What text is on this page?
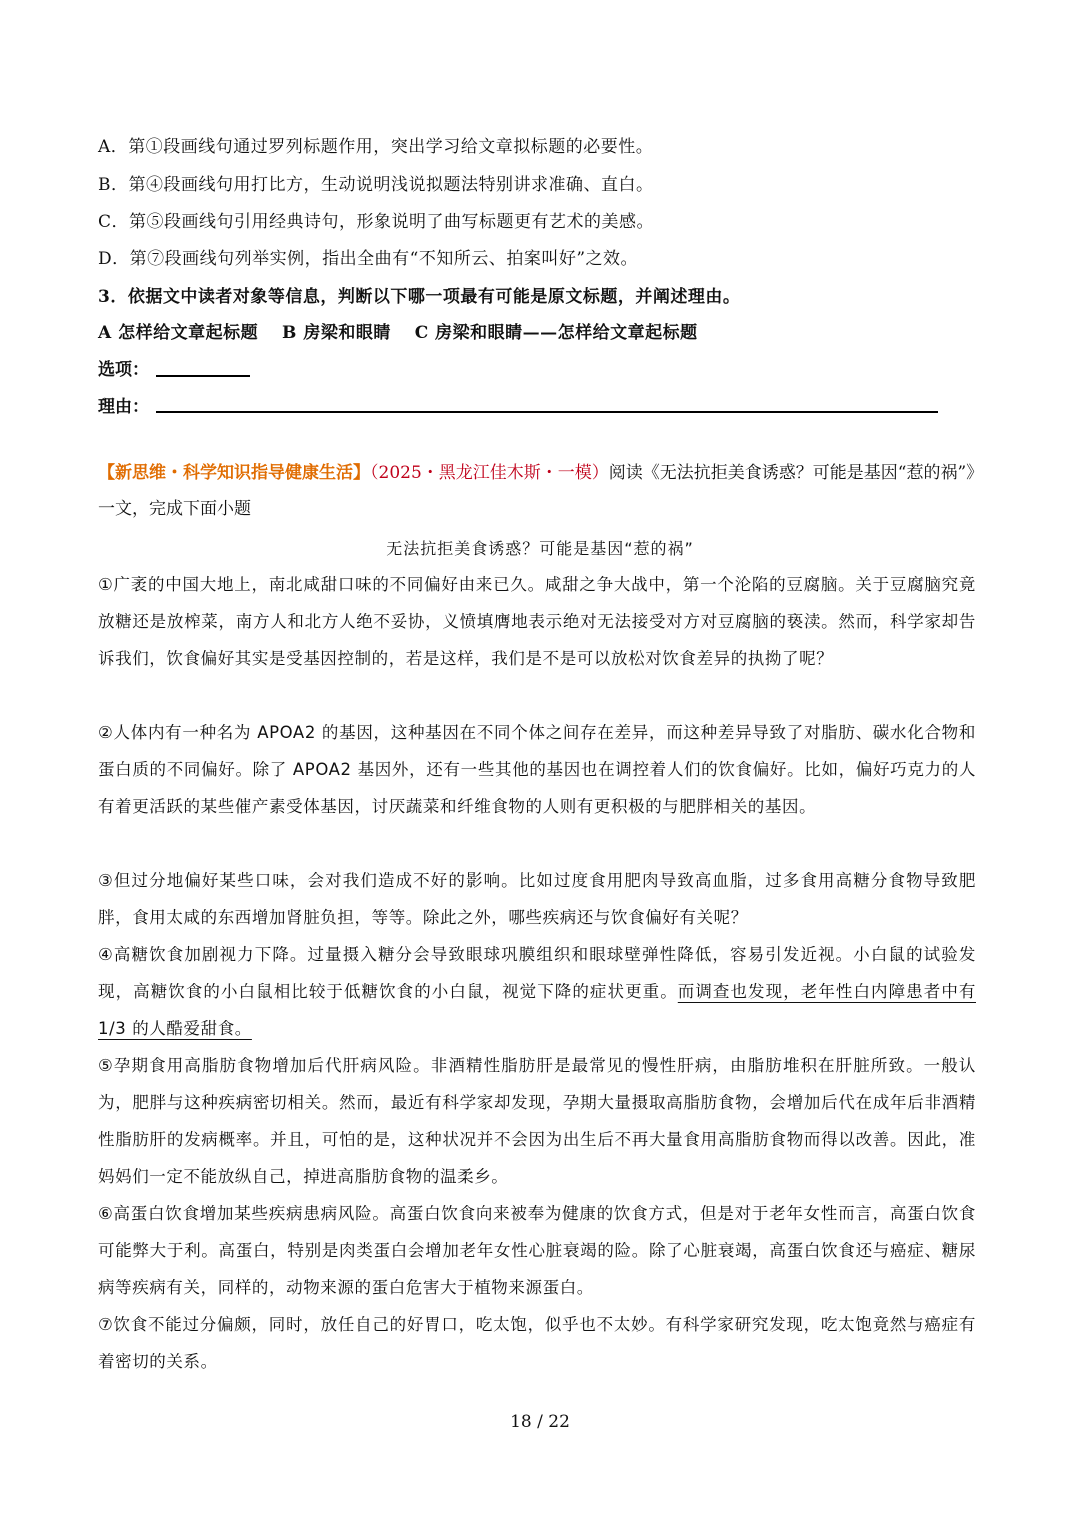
A．第①段画线句通过罗列标题作用，突出学习给文章拟标题的必要性。
B．第④段画线句用打比方，生动说明浅说拟题法特别讲求准确、直白。
C．第⑤段画线句引用经典诗句，形象说明了曲写标题更有艺术的美感。
D．第⑦段画线句列举实例，指出全曲有“不知所云、拍案叫好”之效。
3．依据文中读者对象等信息，判断以下哪一项最有可能是原文标题，并阐述理由。
A 怎样给文章起标题　 B 房梁和眼睛　 C 房梁和眼睛——怎样给文章起标题
选项：
理由：
【新思维・科学知识指导健康生活】（2025・黑龙江佳木斯・一模）阅读《无法抗拒美食诱惑？可能是基因“惹的祸”》一文，完成下面小题
无法抗拒美食诱惑？可能是基因“惹的祸”
①广袤的中国大地上，南北咸甜口味的不同偏好由来已久。咸甜之争大战中，第一个沦陷的豆腐脑。关于豆腐脑究竟放糖还是放榨菜，南方人和北方人绝不妥协，义愤填膺地表示绝对无法接受对方对豆腐脑的亵渎。然而，科学家却告诉我们，饮食偏好其实是受基因控制的，若是这样，我们是不是可以放松对饮食差异的执拗了呢？
②人体内有一种名为 APOA2 的基因，这种基因在不同个体之间存在差异，而这种差异导致了对脂肪、碳水化合物和蛋白质的不同偏好。除了 APOA2 基因外，还有一些其他的基因也在调控着人们的饮食偏好。比如，偏好巧克力的人有着更活跃的某些催产素受体基因，讨厌蔬菜和纤维食物的人则有更积极的与肥胖相关的基因。
③但过分地偏好某些口味，会对我们造成不好的影响。比如过度食用肥肉导致高血脂，过多食用高糖分食物导致肥胖，食用太咸的东西增加肾脏负担，等等。除此之外，哪些疾病还与饮食偏好有关呢？
④高糖饮食加剧视力下降。过量摄入糖分会导致眼球巩膜组织和眼球壁弹性降低，容易引发近视。小白鼠的试验发现，高糖饮食的小白鼠相比较于低糖饮食的小白鼠，视觉下降的症状更重。而调查也发现，老年性白内障患者中有 1/3 的人酷爱甜食。
⑤孕期食用高脂肪食物增加后代肝病风险。非酒精性脂肪肝是最常见的慢性肝病，由脂肪堆积在肝脏所致。一般认为，肥胖与这种疾病密切相关。然而，最近有科学家却发现，孕期大量摄取高脂肪食物，会增加后代在成年后非酒精性脂肪肝的发病概率。并且，可怕的是，这种状况并不会因为出生后不再大量食用高脂肪食物而得以改善。因此，准妈妈们一定不能放纵自己，掉进高脂肪食物的温柔乡。
⑥高蛋白饮食增加某些疾病患病风险。高蛋白饮食向来被奉为健康的饮食方式，但是对于老年女性而言，高蛋白饮食可能弊大于利。高蛋白，特别是肉类蛋白会增加老年女性心脏衰竭的险。除了心脏衰竭，高蛋白饮食还与癌症、糖尿病等疾病有关，同样的，动物来源的蛋白危害大于植物来源蛋白。
⑦饮食不能过分偏颇，同时，放任自己的好胃口，吃太饱，似乎也不太妙。有科学家研究发现，吃太饱竟然与癌症有着密切的关系。
18 / 22
